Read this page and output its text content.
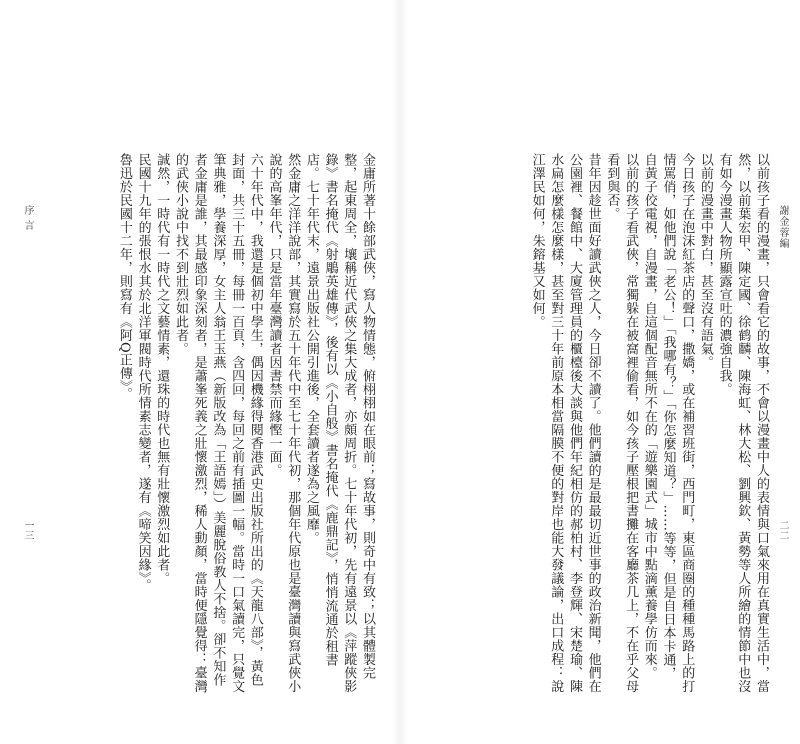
序 言	金庸所著十餘部武俠，寫人物情態，俯栩栩如在眼前；寫故事，則奇中有致；以其體製完整，起東周全，壤稱近代武俠之集大成者，亦頗周折。七十年代初，先有遠景以《萍蹤俠影錄》書名掩代《射鵰英雄傳》，後有以《小自般》書名掩代《鹿鼎記》，悄悄流通於租書店。七十年代末，遠景出版社公開引進後，全套讀者遂為之風靡。

然金庸之洋洋說部，其實寫於五十年代中至七十年代初，那個年代原也是臺灣讀與寫武俠小說的高峯年代，只是當年臺灣讀者因書禁而緣慳一面。

六十年代中，我還是個初中學生，偶因機緣得閱香港武史出版社所出的《天龍八部》，黃色封面，共三十五冊，每冊一百頁，含四回，每回之前有插圖一幅。當時一口氣讀完，只覺文筆典雅，學養深厚，女主人翁王玉燕（新版改為「王語嫣」）美麗脫俗教人不捨。卻不知作者金庸是誰，其最感印象深刻者，是蕭峯死義之壯懷激烈，稀人動顏，當時便隱覺得：臺灣的武俠小說中找不到壯烈如此者。

誠然，一時代有一時代之文藝情素，還珠的時代也無有壯懷激烈如此者。

民國十九年的張恨水其於北洋軍閥時代所情素志變者，遂有《啼笑因緣》。

魯迅於民國十二年，則寫有《阿Q正傳》。

一三
謝金蓉編

以前孩子看的漫畫，只會看它的故事，不會以漫畫中人的表情與口氣來用在真實生活中，當然，以前葉宏甲、陳定國、徐鹤麟、陳海虹、林大松、劉興欽、黃勢等人所繪的情節中也沒有如今漫畫人物所顯露宣吐的濃強自我。

以前的漫畫中對白，甚至沒有語氣。

今日孩子在泡沫紅茶店的聲口，撒嬌，或在補習班街，西門町，東區商圈的種種馬路上的打情罵俏，如他們說「老公！」「我哪有？」「你怎麼知道？」……等等，但是自日本卡通，自黃子佼電視，自漫畫，自這個配音無所不在的「遊樂園式」城市中點滴薰養學仿而來。

以前的孩子看武俠，常獨躲在被窩裡偷看，如今孩子壓根把書攤在客廳茶几上，不在乎父母看到與否。

昔年因趁世面好讀武俠之人，今日卻不讀了。他們讀的是最最切近世事的政治新聞，他們在公園裡、餐館中、大廈管理員的櫃檯後大談與他們年紀相仿的郝柏村、李登輝、宋楚瑜、陳水扁怎麼樣怎麼樣，甚至對三十年前原本相當隔膜不便的對岸也能大發議論，出口成程：說江澤民如何，朱鎔基又如何。

二二
